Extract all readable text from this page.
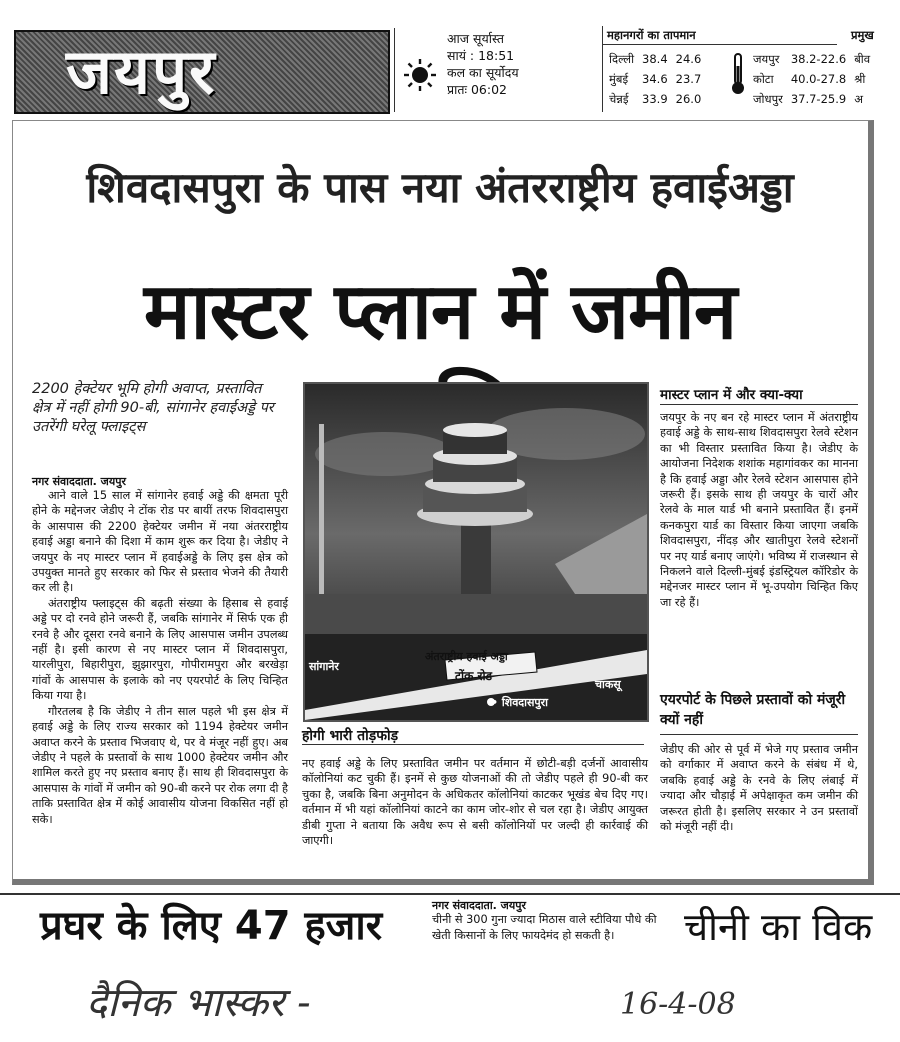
जयपुर	आज सूर्यास्त
सायं : 18:51
कल का सूर्योदय
प्रातः 06:02
महानगरों का तापमान	प्रमुख
दिल्ली	38.4	24.6
मुंबई	34.6	23.7
चेन्नई	33.9	26.0
जयपुर	38.2-22.6	बीव
कोटा	40.0-27.8	श्री
जोधपुर	37.7-25.9	अ
शिवदासपुरा के पास नया अंतरराष्ट्रीय हवाईअड्डा
मास्टर प्लान में जमीन
2200 हेक्टेयर भूमि होगी अवाप्त, प्रस्तावित क्षेत्र में नहीं होगी 90-बी, सांगानेर हवाईअड्डे पर उतरेंगी घरेलू फ्लाइट्स
नगर संवाददाता. जयपुर

आने वाले 15 साल में सांगानेर हवाई अड्डे की क्षमता पूरी होने के मद्देनजर जेडीए ने टोंक रोड पर बायीं तरफ शिवदासपुरा के आसपास की 2200 हेक्टेयर जमीन में नया अंतरराष्ट्रीय हवाई अड्डा बनाने की दिशा में काम शुरू कर दिया है। जेडीए ने जयपुर के नए मास्टर प्लान में हवाईअड्डे के लिए इस क्षेत्र को उपयुक्त मानते हुए सरकार को फिर से प्रस्ताव भेजने की तैयारी कर ली है।

अंतराष्ट्रीय फ्लाइट्स की बढ़ती संख्या के हिसाब से हवाई अड्डे पर दो रनवे होने जरूरी हैं, जबकि सांगानेर में सिर्फ एक ही रनवे है और दूसरा रनवे बनाने के लिए आसपास जमीन उपलब्ध नहीं है। इसी कारण से नए मास्टर प्लान में शिवदासपुरा, यारलीपुरा, बिहारीपुरा, झुझारपुरा, गोपीरामपुरा और बरखेड़ा गांवों के आसपास के इलाके को नए एयरपोर्ट के लिए चिन्हित किया गया है।

गौरतलब है कि जेडीए ने तीन साल पहले भी इस क्षेत्र में हवाई अड्डे के लिए राज्य सरकार को 1194 हेक्टेयर जमीन अवाप्त करने के प्रस्ताव भिजवाए थे, पर वे मंजूर नहीं हुए। अब जेडीए ने पहले के प्रस्तावों के साथ 1000 हेक्टेयर जमीन और शामिल करते हुए नए प्रस्ताव बनाए हैं। साथ ही शिवदासपुरा के आसपास के गांवों में जमीन को 90-बी करने पर रोक लगा दी है ताकि प्रस्तावित क्षेत्र में कोई आवासीय योजना विकसित नहीं हो सके।

सांगानेर
अंतराष्ट्रीय हवाई अड्डा
टोंक रोड
• शिवदासपुरा
चाकसू
होगी भारी तोड़फोड़

नए हवाई अड्डे के लिए प्रस्तावित जमीन पर वर्तमान में छोटी-बड़ी दर्जनों आवासीय कॉलोनियां कट चुकी हैं। इनमें से कुछ योजनाओं की तो जेडीए पहले ही 90-बी कर चुका है, जबकि बिना अनुमोदन के अधिकतर कॉलोनियां काटकर भूखंड बेच दिए गए। वर्तमान में भी यहां कॉलोनियां काटने का काम जोर-शोर से चल रहा है। जेडीए आयुक्त डीबी गुप्ता ने बताया कि अवैध रूप से बसी कॉलोनियों पर जल्दी ही कार्रवाई की जाएगी।

मास्टर प्लान में और क्या-क्या

जयपुर के नए बन रहे मास्टर प्लान में अंतराष्ट्रीय हवाई अड्डे के साथ-साथ शिवदासपुरा रेलवे स्टेशन का भी विस्तार प्रस्तावित किया है। जेडीए के आयोजना निदेशक शशांक महागांवकर का मानना है कि हवाई अड्डा और रेलवे स्टेशन आसपास होने जरूरी हैं। इसके साथ ही जयपुर के चारों और रेलवे के माल यार्ड भी बनाने प्रस्तावित हैं। इनमें कनकपुरा यार्ड का विस्तार किया जाएगा जबकि शिवदासपुरा, नींदड़ और खातीपुरा रेलवे स्टेशनों पर नए यार्ड बनाए जाएंगे। भविष्य में राजस्थान से निकलने वाले दिल्ली-मुंबई इंडस्ट्रियल कॉरिडोर के मद्देनजर मास्टर प्लान में भू-उपयोग चिन्हित किए जा रहे हैं।

एयरपोर्ट के पिछले प्रस्तावों को मंजूरी क्यों नहीं

जेडीए की ओर से पूर्व में भेजे गए प्रस्ताव जमीन को वर्गाकार में अवाप्त करने के संबंध में थे, जबकि हवाई अड्डे के रनवे के लिए लंबाई में ज्यादा और चौड़ाई में अपेक्षाकृत कम जमीन की जरूरत होती है। इसलिए सरकार ने उन प्रस्तावों को मंजूरी नहीं दी।

प्रघर के लिए 47 हजार	नगर संवाददाता. जयपुर
चीनी से 300 गुना ज्यादा मिठास वाले स्टीविया पौधे की खेती किसानों के लिए फायदेमंद हो सकती है।	चीनी का विक
दैनिक भास्कर -	16-4-08
